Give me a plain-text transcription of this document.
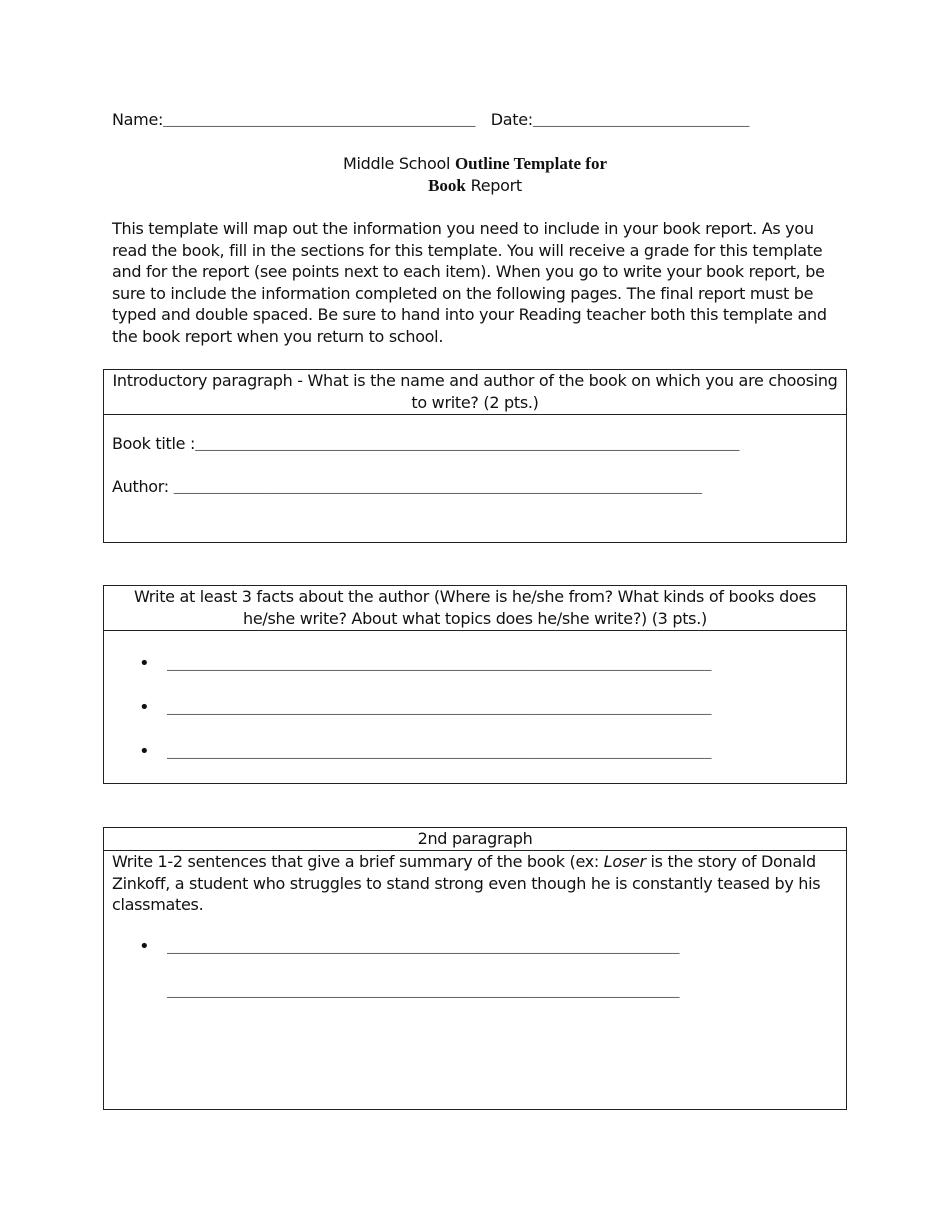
Name:_______________________________________ Date:___________________________
Middle School Outline Template for
Book Report
This template will map out the information you need to include in your book report. As you read the book, fill in the sections for this template. You will receive a grade for this template and for the report (see points next to each item). When you go to write your book report, be sure to include the information completed on the following pages. The final report must be typed and double spaced. Be sure to hand into your Reading teacher both this template and the book report when you return to school.
Introductory paragraph - What is the name and author of the book on which you are choosing to write? (2 pts.)
Book title :____________________________________________________________________
Author: __________________________________________________________________
Write at least 3 facts about the author (Where is he/she from? What kinds of books does he/she write? About what topics does he/she write?) (3 pts.)
• ____________________________________________________________________
• ____________________________________________________________________
• ____________________________________________________________________
2nd paragraph
Write 1-2 sentences that give a brief summary of the book (ex: Loser is the story of Donald Zinkoff, a student who struggles to stand strong even though he is constantly teased by his classmates.
• ________________________________________________________________
________________________________________________________________
